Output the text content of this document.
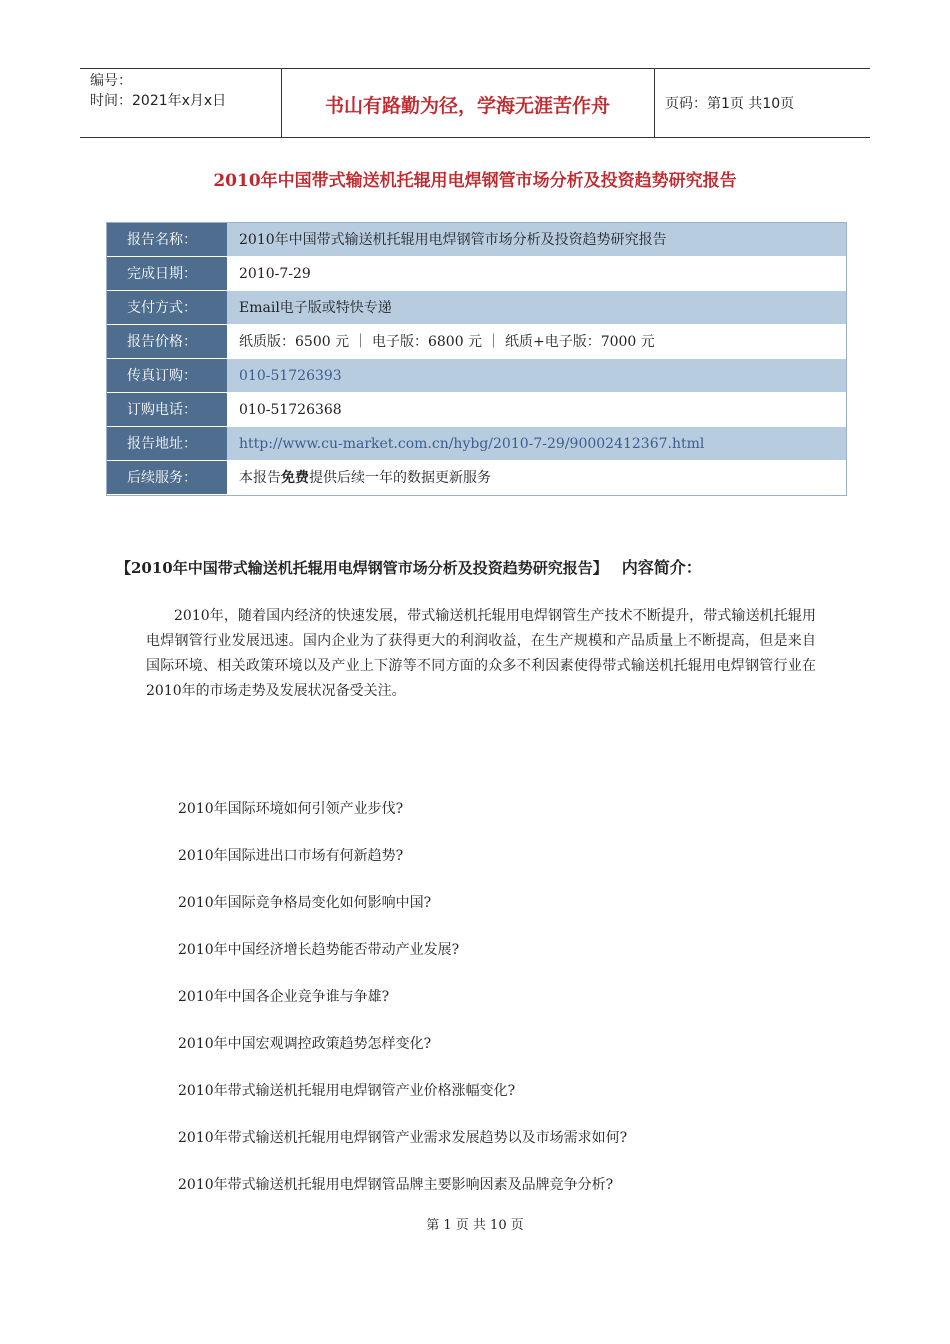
编号：
时间：2021年x月x日	书山有路勤为径，学海无涯苦作舟	页码：第1页 共10页
2010年中国带式输送机托辊用电焊钢管市场分析及投资趋势研究报告
报告名称：	2010年中国带式输送机托辊用电焊钢管市场分析及投资趋势研究报告
完成日期：	2010-7-29
支付方式：	Email电子版或特快专递
报告价格：	纸质版：6500 元 ｜ 电子版：6800 元 ｜ 纸质+电子版：7000 元
传真订购：	010-51726393
订购电话：	010-51726368
报告地址：	http://www.cu-market.com.cn/hybg/2010-7-29/90002412367.html
后续服务：	本报告免费提供后续一年的数据更新服务
【2010年中国带式输送机托辊用电焊钢管市场分析及投资趋势研究报告】 内容简介：

2010年，随着国内经济的快速发展，带式输送机托辊用电焊钢管生产技术不断提升，带式输送机托辊用电焊钢管行业发展迅速。国内企业为了获得更大的利润收益，在生产规模和产品质量上不断提高，但是来自国际环境、相关政策环境以及产业上下游等不同方面的众多不利因素使得带式输送机托辊用电焊钢管行业在2010年的市场走势及发展状况备受关注。

2010年国际环境如何引领产业步伐?
2010年国际进出口市场有何新趋势?
2010年国际竞争格局变化如何影响中国?
2010年中国经济增长趋势能否带动产业发展?
2010年中国各企业竞争谁与争雄?
2010年中国宏观调控政策趋势怎样变化?
2010年带式输送机托辊用电焊钢管产业价格涨幅变化?
2010年带式输送机托辊用电焊钢管产业需求发展趋势以及市场需求如何?
2010年带式输送机托辊用电焊钢管品牌主要影响因素及品牌竞争分析?
第 1 页 共 10 页
